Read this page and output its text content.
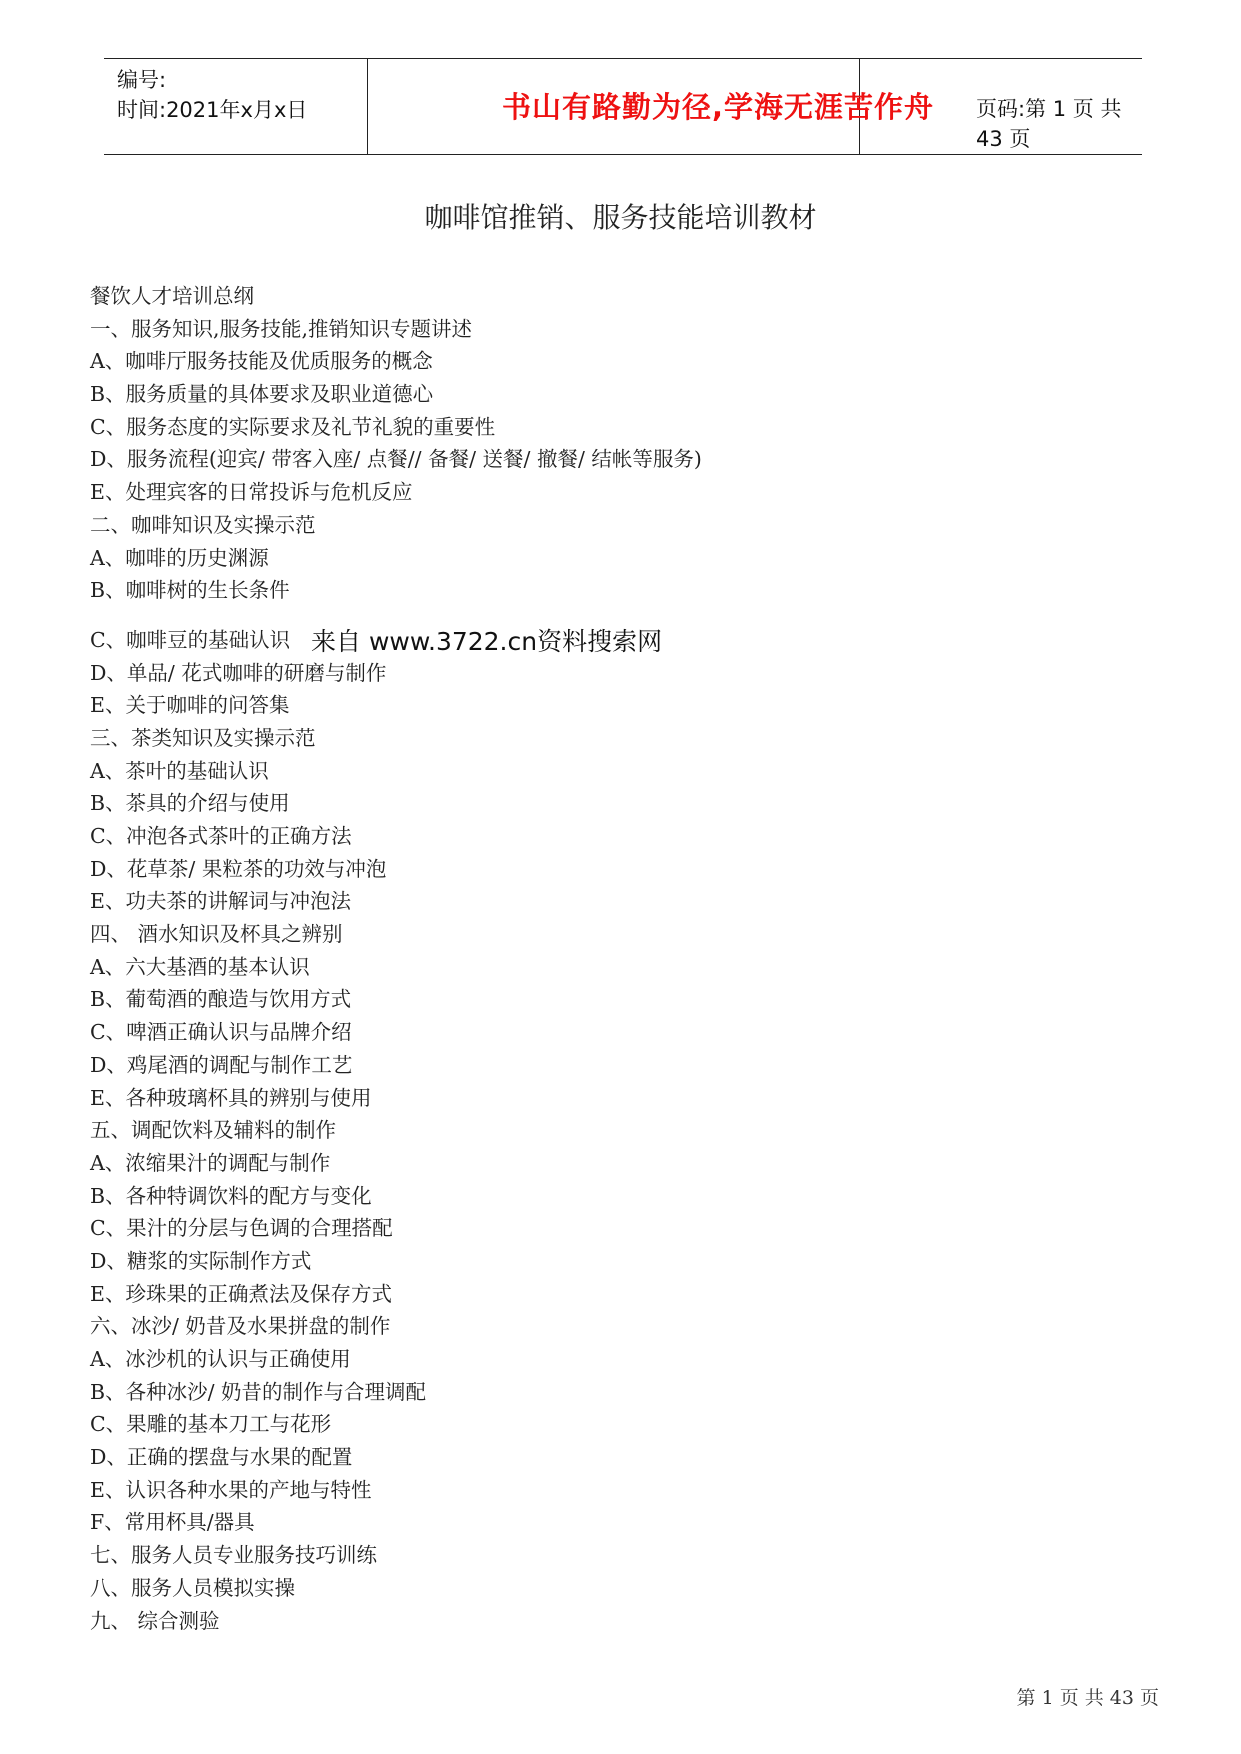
编号:
时间:2021年x月x日	书山有路勤为径,学海无涯苦作舟	页码:第 1 页 共 43 页
咖啡馆推销、服务技能培训教材
餐饮人才培训总纲
一、服务知识,服务技能,推销知识专题讲述
A、咖啡厅服务技能及优质服务的概念
B、服务质量的具体要求及职业道德心
C、服务态度的实际要求及礼节礼貌的重要性
D、服务流程(迎宾/ 带客入座/ 点餐// 备餐/ 送餐/ 撤餐/ 结帐等服务)
E、处理宾客的日常投诉与危机反应
二、咖啡知识及实操示范
A、咖啡的历史渊源
B、咖啡树的生长条件
C、咖啡豆的基础认识
D、单品/ 花式咖啡的研磨与制作
E、关于咖啡的问答集
三、茶类知识及实操示范
A、茶叶的基础认识
B、茶具的介绍与使用
C、冲泡各式茶叶的正确方法
D、花草茶/ 果粒茶的功效与冲泡
E、功夫茶的讲解词与冲泡法
四、 酒水知识及杯具之辨别
A、六大基酒的基本认识
B、葡萄酒的酿造与饮用方式
C、啤酒正确认识与品牌介绍
D、鸡尾酒的调配与制作工艺
E、各种玻璃杯具的辨别与使用
五、调配饮料及辅料的制作
A、浓缩果汁的调配与制作
B、各种特调饮料的配方与变化
C、果汁的分层与色调的合理搭配
D、糖浆的实际制作方式
E、珍珠果的正确煮法及保存方式
六、冰沙/ 奶昔及水果拼盘的制作
A、冰沙机的认识与正确使用
B、各种冰沙/ 奶昔的制作与合理调配
C、果雕的基本刀工与花形
D、正确的摆盘与水果的配置
E、认识各种水果的产地与特性
F、常用杯具/器具
七、服务人员专业服务技巧训练
八、服务人员模拟实操
九、 综合测验
来自 www.3722.cn资料搜索网
第 1 页 共 43 页
